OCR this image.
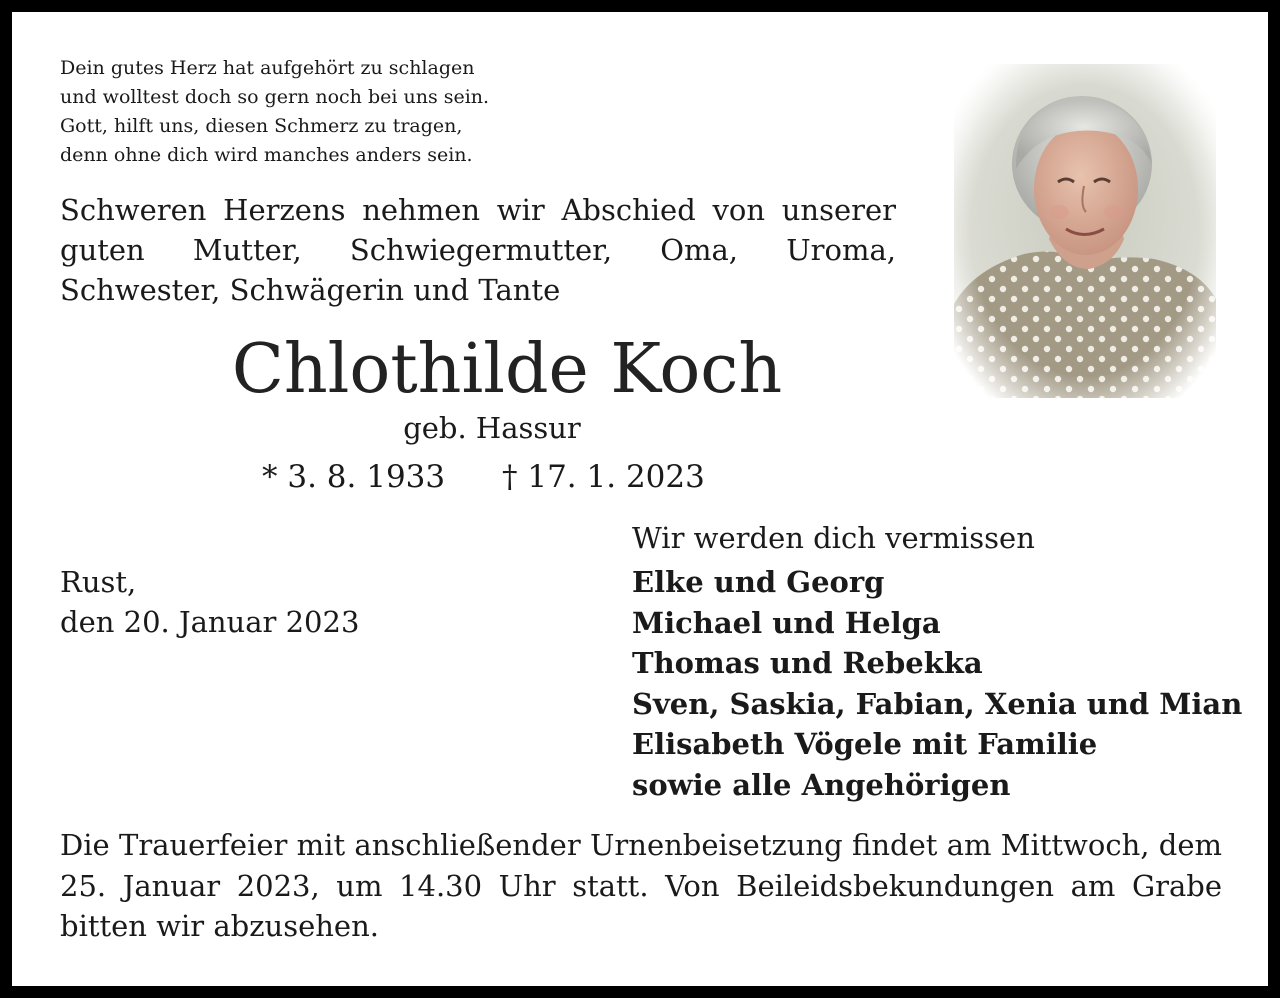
Dein gutes Herz hat aufgehört zu schlagen
und wolltest doch so gern noch bei uns sein.
Gott, hilft uns, diesen Schmerz zu tragen,
denn ohne dich wird manches anders sein.
Schweren Herzens nehmen wir Abschied von unserer guten Mutter, Schwiegermutter, Oma, Uroma, Schwester, Schwägerin und Tante
Chlothilde Koch
geb. Hassur
* 3. 8. 1933 † 17. 1. 2023
Rust,
den 20. Januar 2023
Wir werden dich vermissen
Elke und Georg
Michael und Helga
Thomas und Rebekka
Sven, Saskia, Fabian, Xenia und Mian
Elisabeth Vögele mit Familie
sowie alle Angehörigen
Die Trauerfeier mit anschließender Urnenbeisetzung findet am Mittwoch, dem 25. Januar 2023, um 14.30 Uhr statt. Von Beileidsbekundungen am Grabe bitten wir abzusehen.
